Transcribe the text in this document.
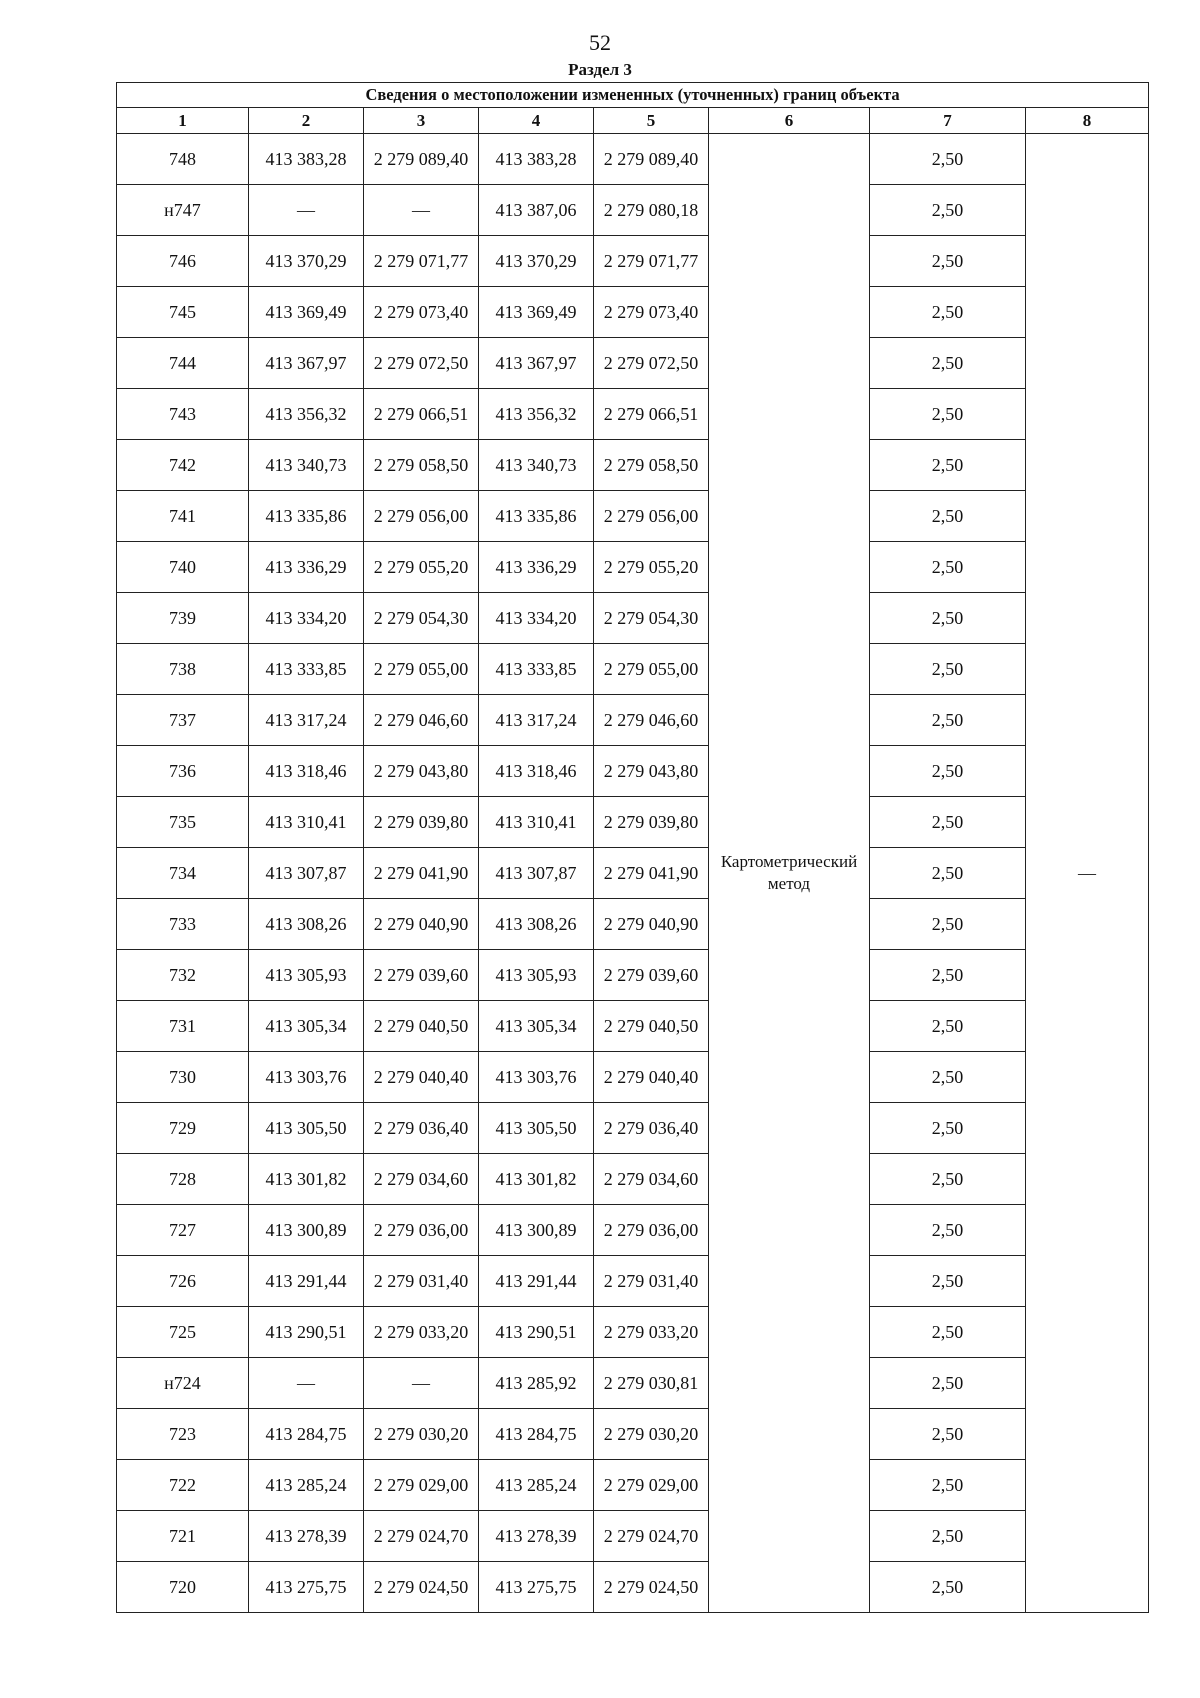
52
Раздел 3
Сведения о местоположении измененных (уточненных) границ объекта							
1	2	3	4	5	6	7	8
748	413 383,28	2 279 089,40	413 383,28	2 279 089,40	Картометрический метод	2,50	—
н747	—	—	413 387,06	2 279 080,18		2,50	
746	413 370,29	2 279 071,77	413 370,29	2 279 071,77		2,50	
745	413 369,49	2 279 073,40	413 369,49	2 279 073,40		2,50	
744	413 367,97	2 279 072,50	413 367,97	2 279 072,50		2,50	
743	413 356,32	2 279 066,51	413 356,32	2 279 066,51		2,50	
742	413 340,73	2 279 058,50	413 340,73	2 279 058,50		2,50	
741	413 335,86	2 279 056,00	413 335,86	2 279 056,00		2,50	
740	413 336,29	2 279 055,20	413 336,29	2 279 055,20		2,50	
739	413 334,20	2 279 054,30	413 334,20	2 279 054,30		2,50	
738	413 333,85	2 279 055,00	413 333,85	2 279 055,00		2,50	
737	413 317,24	2 279 046,60	413 317,24	2 279 046,60		2,50	
736	413 318,46	2 279 043,80	413 318,46	2 279 043,80		2,50	
735	413 310,41	2 279 039,80	413 310,41	2 279 039,80		2,50	
734	413 307,87	2 279 041,90	413 307,87	2 279 041,90		2,50	
733	413 308,26	2 279 040,90	413 308,26	2 279 040,90		2,50	
732	413 305,93	2 279 039,60	413 305,93	2 279 039,60		2,50	
731	413 305,34	2 279 040,50	413 305,34	2 279 040,50		2,50	
730	413 303,76	2 279 040,40	413 303,76	2 279 040,40		2,50	
729	413 305,50	2 279 036,40	413 305,50	2 279 036,40		2,50	
728	413 301,82	2 279 034,60	413 301,82	2 279 034,60		2,50	
727	413 300,89	2 279 036,00	413 300,89	2 279 036,00		2,50	
726	413 291,44	2 279 031,40	413 291,44	2 279 031,40		2,50	
725	413 290,51	2 279 033,20	413 290,51	2 279 033,20		2,50	
н724	—	—	413 285,92	2 279 030,81		2,50	
723	413 284,75	2 279 030,20	413 284,75	2 279 030,20		2,50	
722	413 285,24	2 279 029,00	413 285,24	2 279 029,00		2,50	
721	413 278,39	2 279 024,70	413 278,39	2 279 024,70		2,50	
720	413 275,75	2 279 024,50	413 275,75	2 279 024,50		2,50	
